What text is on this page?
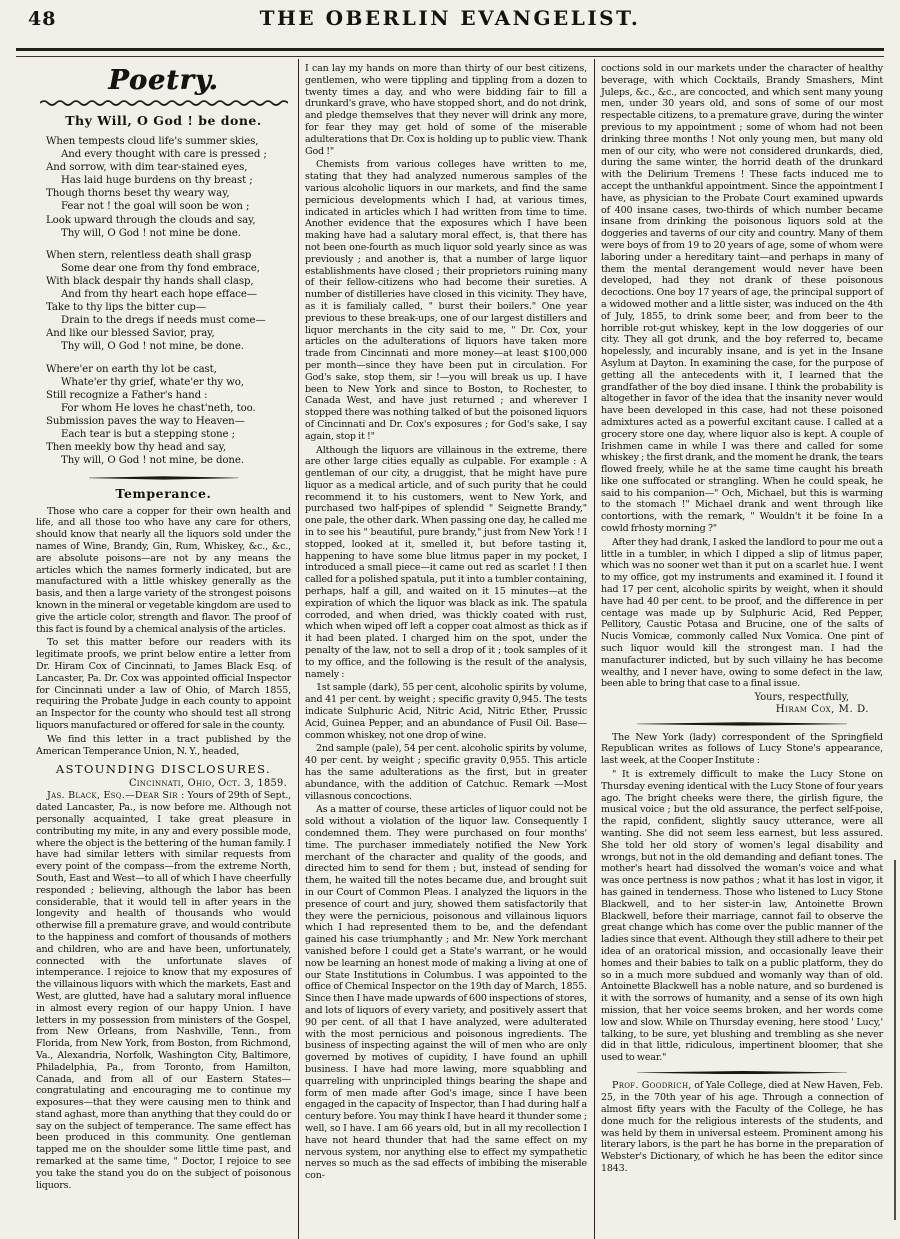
48	THE OBERLIN EVANGELIST.
Poetry.
Thy Will, O God ! be done.
When tempests cloud life's summer skies,
And every thought with care is pressed ;
And sorrow, with dim tear-stained eyes,
Has laid huge burdens on thy breast ;
Though thorns beset thy weary way,
Fear not ! the goal will soon be won ;
Look upward through the clouds and say,
Thy will, O God ! not mine be done.
When stern, relentless death shall grasp
Some dear one from thy fond embrace,
With black despair thy hands shall clasp,
And from thy heart each hope efface—
Take to thy lips the bitter cup—
Drain to the dregs if needs must come—
And like our blessed Savior, pray,
Thy will, O God ! not mine, be done.
Where'er on earth thy lot be cast,
Whate'er thy grief, whate'er thy wo,
Still recognize a Father's hand :
For whom He loves he chast'neth, too.
Submission paves the way to Heaven—
Each tear is but a stepping stone ;
Then meekly bow thy head and say,
Thy will, O God ! not mine, be done.
Temperance.

Those who care a copper for their own health and life, and all those too who have any care for others, should know that nearly all the liquors sold under the names of Wine, Brandy, Gin, Rum, Whiskey, &c., &c., are absolute poisons—are not by any means the articles which the names formerly indicated, but are manufactured with a little whiskey generally as the basis, and then a large variety of the strongest poisons known in the mineral or vegetable kingdom are used to give the article color, strength and flavor. The proof of this fact is found by a chemical analysis of the articles.

To set this matter before our readers with its legitimate proofs, we print below entire a letter from Dr. Hiram Cox of Cincinnati, to James Black Esq. of Lancaster, Pa. Dr. Cox was appointed official Inspector for Cincinnati under a law of Ohio, of March 1855, requiring the Probate Judge in each county to appoint an Inspector for the county who should test all strong liquors manufactured or offered for sale in the county.

We find this letter in a tract published by the American Temperance Union, N. Y., headed,

ASTOUNDING DISCLOSURES.
Cincinnati, Ohio, Oct. 3, 1859.

Jas. Black, Esq.—Dear Sir : Yours of 29th of Sept., dated Lancaster, Pa., is now before me. Although not personally acquainted, I take great pleasure in contributing my mite, in any and every possible mode, where the object is the bettering of the human family. I have had similar letters with similar requests from every point of the compass—from the extreme North, South, East and West—to all of which I have cheerfully responded ; believing, although the labor has been considerable, that it would tell in after years in the longevity and health of thousands who would otherwise fill a premature grave, and would contribute to the happiness and comfort of thousands of mothers and children, who are and have been, unfortunately, connected with the unfortunate slaves of intemperance. I rejoice to know that my exposures of the villainous liquors with which the markets, East and West, are glutted, have had a salutary moral influence in almost every region of our happy Union. I have letters in my possession from ministers of the Gospel, from New Orleans, from Nashville, Tenn., from Florida, from New York, from Boston, from Richmond, Va., Alexandria, Norfolk, Washington City, Baltimore, Philadelphia, Pa., from Toronto, from Hamilton, Canada, and from all of our Eastern States—congratulating and encouraging me to continue my exposures—that they were causing men to think and stand aghast, more than anything that they could do or say on the subject of temperance. The same effect has been produced in this community. One gentleman tapped me on the shoulder some little time past, and remarked at the same time, " Doctor, I rejoice to see you take the stand you do on the subject of poisonous liquors.

I can lay my hands on more than thirty of our best citizens, gentlemen, who were tippling and tippling from a dozen to twenty times a day, and who were bidding fair to fill a drunkard's grave, who have stopped short, and do not drink, and pledge themselves that they never will drink any more, for fear they may get hold of some of the miserable adulterations that Dr. Cox is holding up to public view. Thank God !"

Chemists from various colleges have written to me, stating that they had analyzed numerous samples of the various alcoholic liquors in our markets, and find the same pernicious developments which I had, at various times, indicated in articles which I had written from time to time. Another evidence that the exposures which I have been making have had a salutary moral effect, is, that there has not been one-fourth as much liquor sold yearly since as was previously ; and another is, that a number of large liquor establishments have closed ; their proprietors ruining many of their fellow-citizens who had become their sureties. A number of distilleries have closed in this vicinity. They have, as it is familialy called, " burst their boilers." One year previous to these break-ups, one of our largest distillers and liquor merchants in the city said to me, " Dr. Cox, your articles on the adulterations of liquors have taken more trade from Cincinnati and more money—at least $100,000 per month—since they have been put in circulation. For God's sake, stop them, sir !—you will break us up. I have been to New York and since to Boston, to Rochester, to Canada West, and have just returned ; and wherever I stopped there was nothing talked of but the poisoned liquors of Cincinnati and Dr. Cox's exposures ; for God's sake, I say again, stop it !"

Although the liquors are villainous in the extreme, there are other large cities equally as culpable. For example : A gentleman of our city, a druggist, that he might have pure liquor as a medical article, and of such purity that he could recommend it to his customers, went to New York, and purchased two half-pipes of splendid " Seignette Brandy," one pale, the other dark. When passing one day, he called me in to see his " beautiful, pure brandy," just from New York ! I stopped, looked at it, smelled it, but before tasting it, happening to have some blue litmus paper in my pocket, I introduced a small piece—it came out red as scarlet ! I then called for a polished spatula, put it into a tumbler containing, perhaps, half a gill, and waited on it 15 minutes—at the expiration of which the liquor was black as ink. The spatula corroded, and when dried, was thickly coated with rust, which when wiped off left a copper coat almost as thick as if it had been plated. I charged him on the spot, under the penalty of the law, not to sell a drop of it ; took samples of it to my office, and the following is the result of the analysis, namely :

1st sample (dark), 55 per cent, alcoholic spirits by volume, and 41 per cent. by weight ; specific gravity 0,945. The tests indicate Sulphuric Acid, Nitric Acid, Nitric Ether, Prussic Acid, Guinea Pepper, and an abundance of Fusil Oil. Base—common whiskey, not one drop of wine.

2nd sample (pale), 54 per cent. alcoholic spirits by volume, 40 per cent. by weight ; specific gravity 0,955. This article has the same adulterations as the first, but in greater abundance, with the addition of Catchuc. Remark —Most villasnous concoctions.

As a matter of course, these articles of liquor could not be sold without a violation of the liquor law. Consequently I condemned them. They were purchased on four months' time. The purchaser immediately notified the New York merchant of the character and quality of the goods, and directed him to send for them ; but, instead of sending for them, he waited till the notes became due, and brought suit in our Court of Common Pleas. I analyzed the liquors in the presence of court and jury, showed them satisfactorily that they were the pernicious, poisonous and villainous liquors which I had represented them to be, and the defendant gained his case triumphantly ; and Mr. New York merchant vanished before I could get a State's warrant, or he would now be learning an honest mode of making a living at one of our State Institutions in Columbus. I was appointed to the office of Chemical Inspector on the 19th day of March, 1855. Since then I have made upwards of 600 inspections of stores, and lots of liquors of every variety, and positively assert that 90 per cent. of all that I have analyzed, were adulterated with the most pernicious and poisonous ingredients. The business of inspecting against the will of men who are only governed by motives of cupidity, I have found an uphill business. I have had more lawing, more squabbling and quarreling with unprincipled things bearing the shape and form of men made after God's image, since I have been engaged in the capacity of Inspector, than I had during half a century before. You may think I have heard it thunder some ; well, so I have. I am 66 years old, but in all my recollection I have not heard thunder that had the same effect on my nervous system, nor anything else to effect my sympathetic nerves so much as the sad effects of imbibing the miserable con-

coctions sold in our markets under the character of healthy beverage, with which Cocktails, Brandy Smashers, Mint Juleps, &c., &c., are concocted, and which sent many young men, under 30 years old, and sons of some of our most respectable citizens, to a premature grave, during the winter previous to my appointment ; some of whom had not been drinking three months ! Not only young men, but many old men of our city, who were not considered drunkards, died, during the same winter, the horrid death of the drunkard with the Delirium Tremens ! These facts induced me to accept the unthankful appointment. Since the appointment I have, as physician to the Probate Court examined upwards of 400 insane cases, two-thirds of which number became insane from drinking the poisonous liquors sold at the doggeries and taverns of our city and country. Many of them were boys of from 19 to 20 years of age, some of whom were laboring under a hereditary taint—and perhaps in many of them the mental derangement would never have been developed, had they not drank of these poisonous decoctions. One boy 17 years of age, the principal support of a widowed mother and a little sister, was induced on the 4th of July, 1855, to drink some beer, and from beer to the horrible rot-gut whiskey, kept in the low doggeries of our city. They all got drunk, and the boy referred to, became hopelessly, and incurably insane, and is yet in the Insane Asylum at Dayton. In examining the case, for the purpose of getting all the antecedents with it, I learned that the grandfather of the boy died insane. I think the probability is altogether in favor of the idea that the insanity never would have been developed in this case, had not these poisoned admixtures acted as a powerful excitant cause. I called at a grocery store one day, where liquor also is kept. A couple of Irishmen came in while I was there and called for some whiskey ; the first drank, and the moment he drank, the tears flowed freely, while he at the same time caught his breath like one suffocated or strangling. When he could speak, he said to his companion—" Och, Michael, but this is warming to the stomach !" Michael drank and went through like contortions, with the remark, " Wouldn't it be foine In a cowld frhosty morning ?"

After they had drank, I asked the landlord to pour me out a little in a tumbler, in which I dipped a slip of litmus paper, which was no sooner wet than it put on a scarlet hue. I went to my office, got my instruments and examined it. I found it had 17 per cent, alcoholic spirits by weight, when it should have had 40 per cent. to be proof, and the difference in per centage was made up by Sulphuric Acid, Red Pepper, Pellitory, Caustic Potasa and Brucine, one of the salts of Nucis Vomicæ, commonly called Nux Vomica. One pint of such liquor would kill the strongest man. I had the manufacturer indicted, but by such villainy he has become wealthy, and I never have, owing to some defect in the law, been able to bring that case to a final issue.

Yours, respectfully,
Hiram Cox, M. D.

The New York (lady) correspondent of the Springfield Republican writes as follows of Lucy Stone's appearance, last week, at the Cooper Institute :

" It is extremely difficult to make the Lucy Stone on Thursday evening identical with the Lucy Stone of four years ago. The bright cheeks were there, the girlish figure, the musical voice ; but the old assurance, the perfect self-poise, the rapid, confident, slightly saucy utterance, were all wanting. She did not seem less earnest, but less assured. She told her old story of women's legal disability and wrongs, but not in the old demanding and defiant tones. The mother's heart had dissolved the woman's voice and what was once pertness is now pathos ; what it has lost in vigor, it has gained in tenderness. Those who listened to Lucy Stone Blackwell, and to her sister-in law, Antoinette Brown Blackwell, before their marriage, cannot fail to observe the great change which has come over the public manner of the ladies since that event. Although they still adhere to their pet idea of an oratorical mission, and occasionally leave their homes and their babies to talk on a public platform, they do so in a much more subdued and womanly way than of old. Antoinette Blackwell has a noble nature, and so burdened is it with the sorrows of humanity, and a sense of its own high mission, that her voice seems broken, and her words come low and slow. While on Thursday evening, here stood ' Lucy,' talking, to be sure, yet blushing and trembling as she never did in that little, ridiculous, impertinent bloomer, that she used to wear."

Prof. Goodrich, of Yale College, died at New Haven, Feb. 25, in the 70th year of his age. Through a connection of almost fifty years with the Faculty of the College, he has done much for the religious interests of the students, and was held by them in universal esteem. Prominent among his literary labors, is the part he has borne in the preparation of Webster's Dictionary, of which he has been the editor since 1843.
